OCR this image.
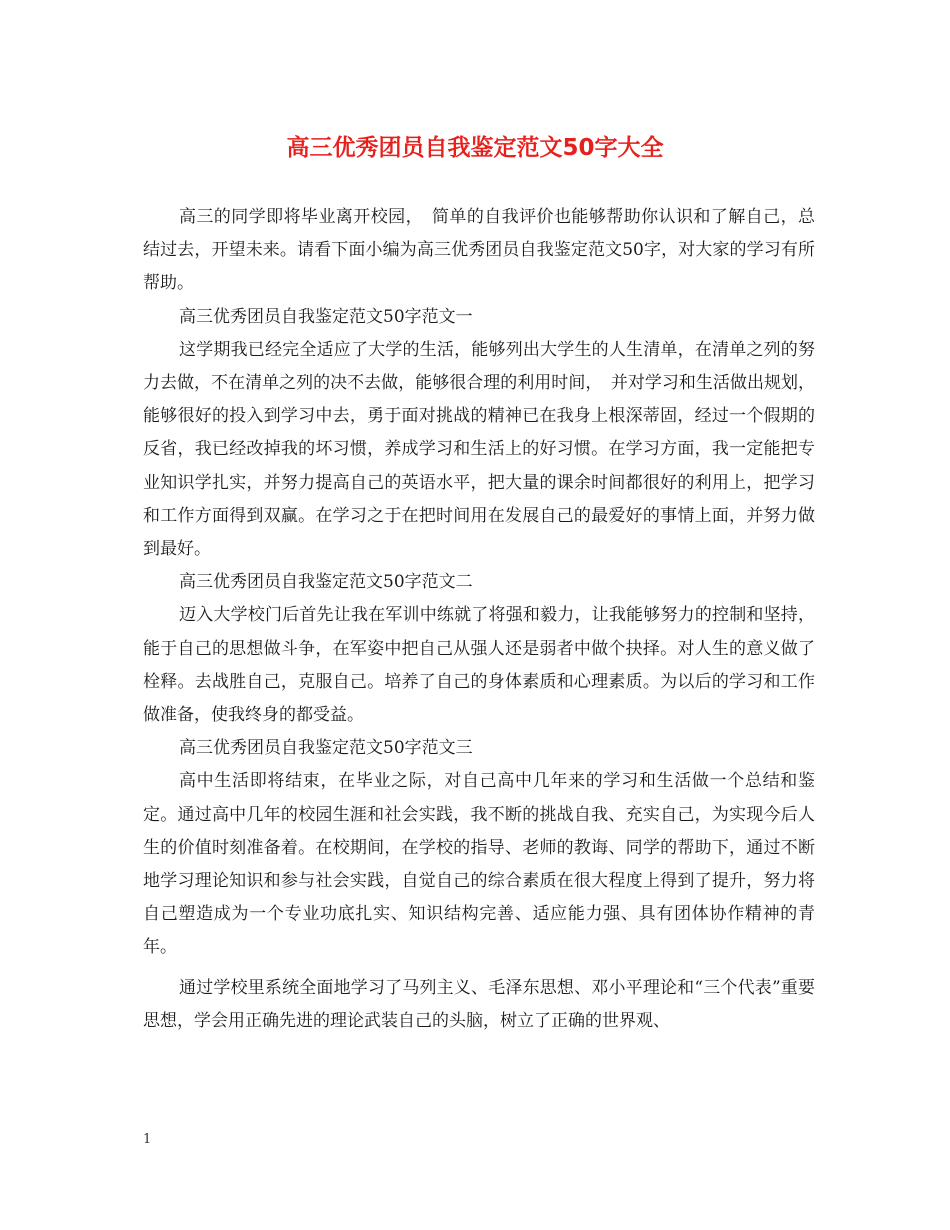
高三优秀团员自我鉴定范文50字大全

高三的同学即将毕业离开校园，　简单的自我评价也能够帮助你认识和了解自己，总结过去，开望未来。请看下面小编为高三优秀团员自我鉴定范文50字，对大家的学习有所帮助。

高三优秀团员自我鉴定范文50字范文一

这学期我已经完全适应了大学的生活，能够列出大学生的人生清单，在清单之列的努力去做，不在清单之列的决不去做，能够很合理的利用时间，　并对学习和生活做出规划，能够很好的投入到学习中去，勇于面对挑战的精神已在我身上根深蒂固，经过一个假期的反省，我已经改掉我的坏习惯，养成学习和生活上的好习惯。在学习方面，我一定能把专业知识学扎实，并努力提高自己的英语水平，把大量的课余时间都很好的利用上，把学习和工作方面得到双赢。在学习之于在把时间用在发展自己的最爱好的事情上面，并努力做到最好。

高三优秀团员自我鉴定范文50字范文二

迈入大学校门后首先让我在军训中练就了将强和毅力，让我能够努力的控制和坚持，能于自己的思想做斗争，在军姿中把自己从强人还是弱者中做个抉择。对人生的意义做了栓释。去战胜自己，克服自己。培养了自己的身体素质和心理素质。为以后的学习和工作做准备，使我终身的都受益。

高三优秀团员自我鉴定范文50字范文三

高中生活即将结束，在毕业之际，对自己高中几年来的学习和生活做一个总结和鉴定。通过高中几年的校园生涯和社会实践，我不断的挑战自我、充实自己，为实现今后人生的价值时刻准备着。在校期间，在学校的指导、老师的教诲、同学的帮助下，通过不断地学习理论知识和参与社会实践，自觉自己的综合素质在很大程度上得到了提升，努力将自己塑造成为一个专业功底扎实、知识结构完善、适应能力强、具有团体协作精神的青年。

通过学校里系统全面地学习了马列主义、毛泽东思想、邓小平理论和“三个代表”重要思想，学会用正确先进的理论武装自己的头脑，树立了正确的世界观、

1
